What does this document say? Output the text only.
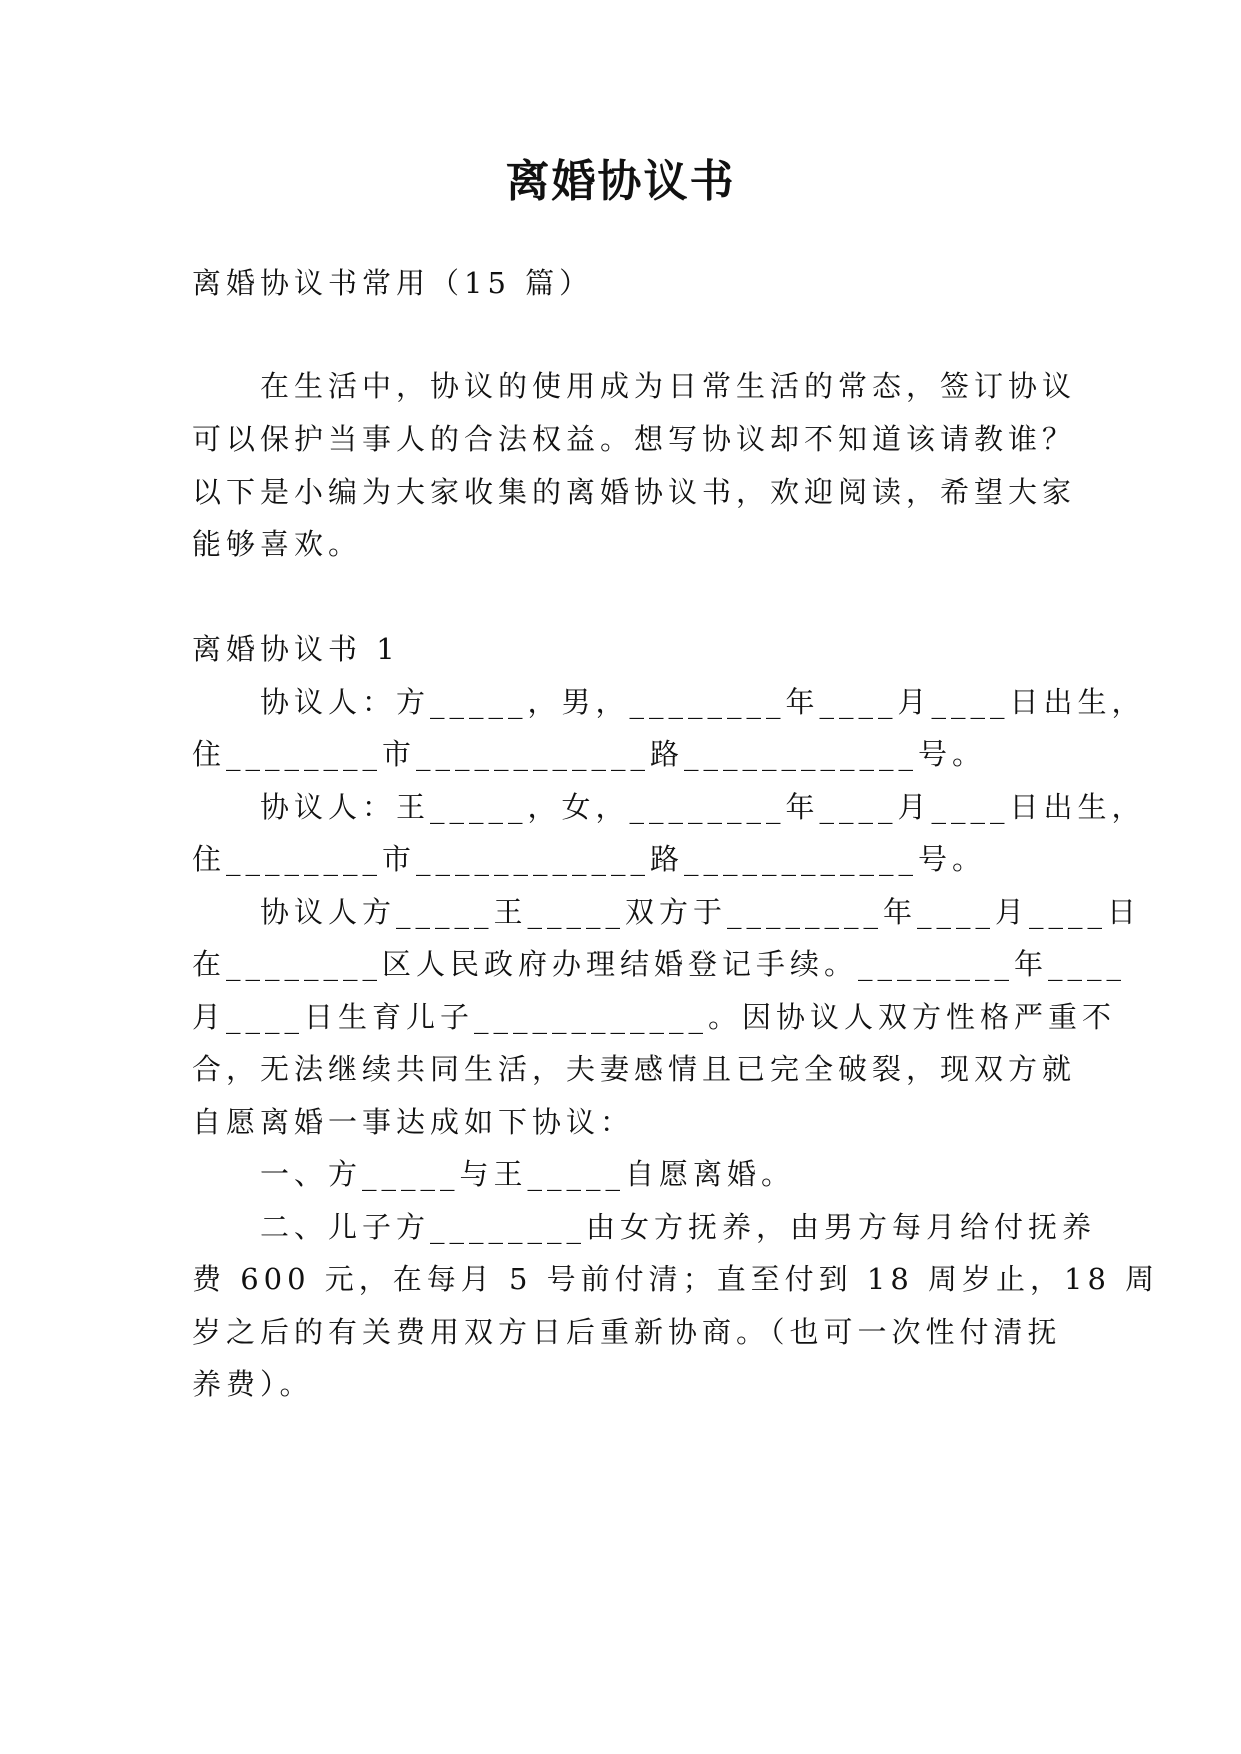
离婚协议书

离婚协议书常用（15 篇）

　　在生活中，协议的使用成为日常生活的常态，签订协议

可以保护当事人的合法权益。想写协议却不知道该请教谁？

以下是小编为大家收集的离婚协议书，欢迎阅读，希望大家

能够喜欢。

离婚协议书 1

　　协议人：方_____，男，________年____月____日出生，

住________市____________路____________号。

　　协议人：王_____，女，________年____月____日出生，

住________市____________路____________号。

　　协议人方_____王_____双方于________年____月____日

在________区人民政府办理结婚登记手续。________年____

月____日生育儿子____________。因协议人双方性格严重不

合，无法继续共同生活，夫妻感情且已完全破裂，现双方就

自愿离婚一事达成如下协议：

　　一、方_____与王_____自愿离婚。

　　二、儿子方________由女方抚养，由男方每月给付抚养

费 600 元，在每月 5 号前付清；直至付到 18 周岁止，18 周

岁之后的有关费用双方日后重新协商。（也可一次性付清抚

养费）。
